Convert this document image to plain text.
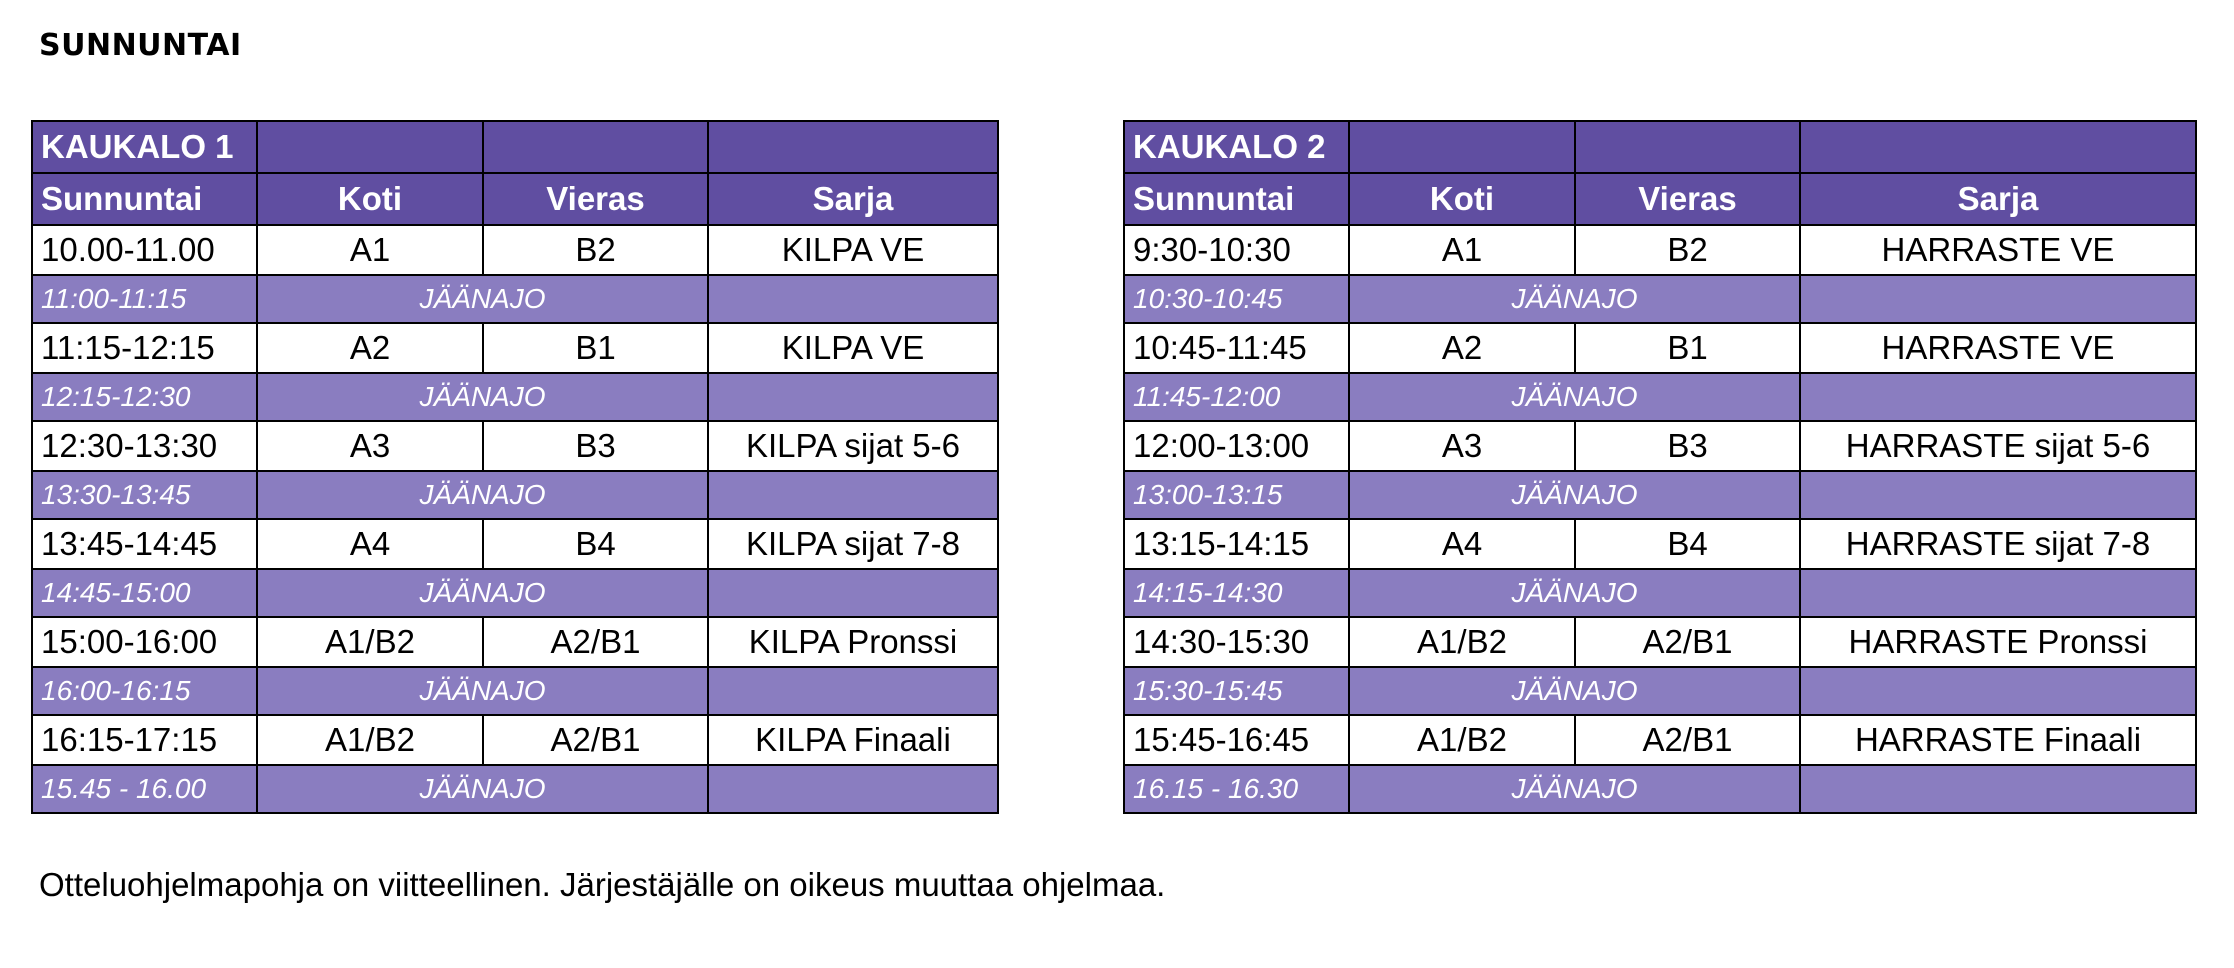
SUNNUNTAI
KAUKALO 1			
Sunnuntai	Koti	Vieras	Sarja
10.00-11.00	A1	B2	KILPA VE
11:00-11:15	JÄÄNAJO		
11:15-12:15	A2	B1	KILPA VE
12:15-12:30	JÄÄNAJO		
12:30-13:30	A3	B3	KILPA sijat 5-6
13:30-13:45	JÄÄNAJO		
13:45-14:45	A4	B4	KILPA sijat 7-8
14:45-15:00	JÄÄNAJO		
15:00-16:00	A1/B2	A2/B1	KILPA Pronssi
16:00-16:15	JÄÄNAJO		
16:15-17:15	A1/B2	A2/B1	KILPA Finaali
15.45 - 16.00	JÄÄNAJO		
KAUKALO 2			
Sunnuntai	Koti	Vieras	Sarja
9:30-10:30	A1	B2	HARRASTE VE
10:30-10:45	JÄÄNAJO		
10:45-11:45	A2	B1	HARRASTE VE
11:45-12:00	JÄÄNAJO		
12:00-13:00	A3	B3	HARRASTE sijat 5-6
13:00-13:15	JÄÄNAJO		
13:15-14:15	A4	B4	HARRASTE sijat 7-8
14:15-14:30	JÄÄNAJO		
14:30-15:30	A1/B2	A2/B1	HARRASTE Pronssi
15:30-15:45	JÄÄNAJO		
15:45-16:45	A1/B2	A2/B1	HARRASTE Finaali
16.15 - 16.30	JÄÄNAJO		
Otteluohjelmapohja on viitteellinen. Järjestäjälle on oikeus muuttaa ohjelmaa.
